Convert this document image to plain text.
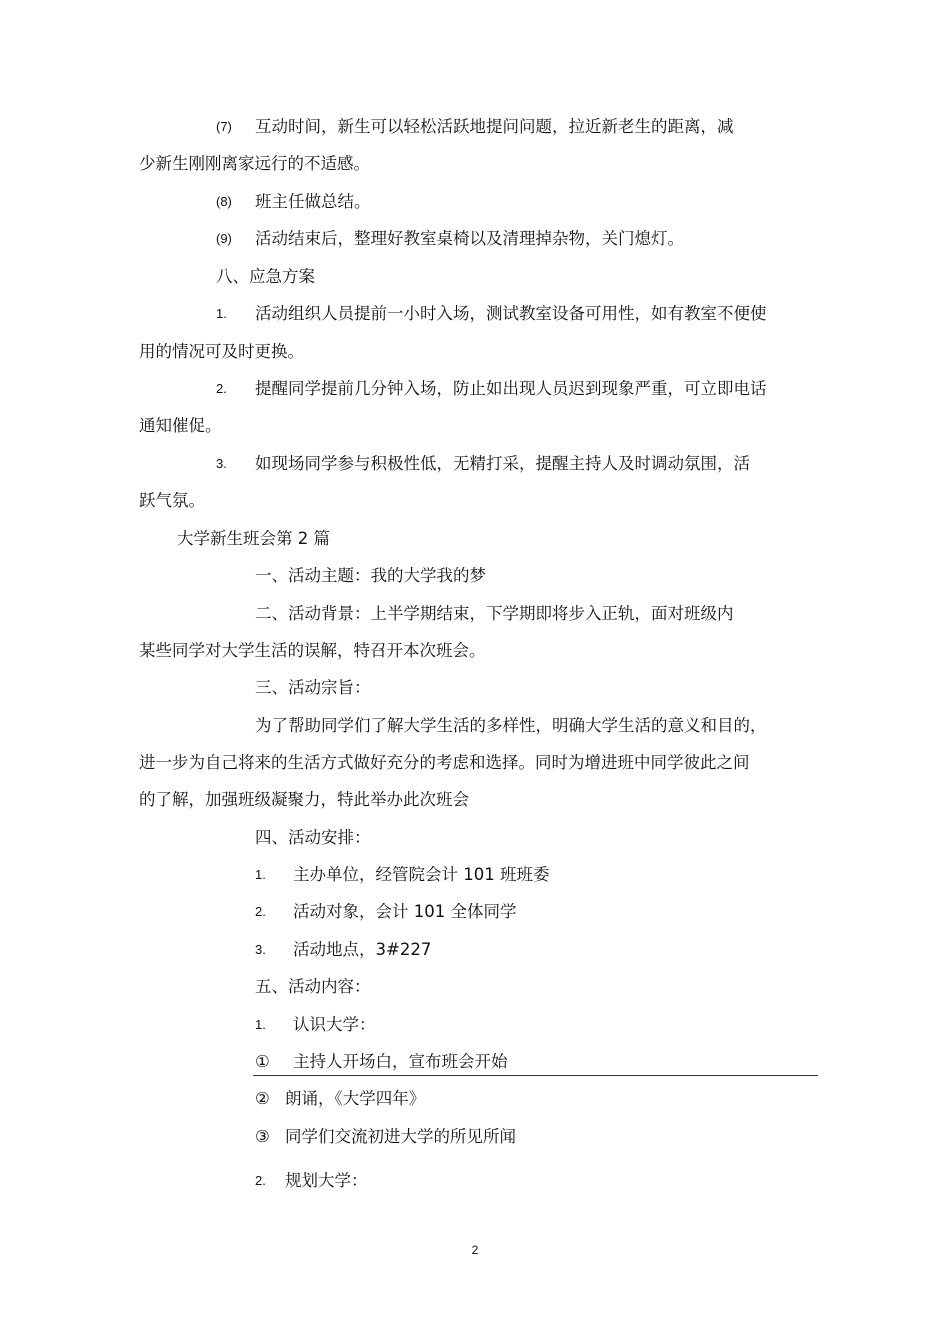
(7) 互动时间，新生可以轻松活跃地提问问题，拉近新老生的距离，减
少新生刚刚离家远行的不适感。
(8) 班主任做总结。
(9) 活动结束后，整理好教室桌椅以及清理掉杂物，关门熄灯。
八、应急方案
1. 活动组织人员提前一小时入场，测试教室设备可用性，如有教室不便使
用的情况可及时更换。
2. 提醒同学提前几分钟入场，防止如出现人员迟到现象严重，可立即电话
通知催促。
3. 如现场同学参与积极性低，无精打采，提醒主持人及时调动氛围，活
跃气氛。
大学新生班会第 2 篇
一、活动主题：我的大学我的梦
二、活动背景：上半学期结束，下学期即将步入正轨，面对班级内
某些同学对大学生活的误解，特召开本次班会。
三、活动宗旨：
为了帮助同学们了解大学生活的多样性，明确大学生活的意义和目的，
进一步为自己将来的生活方式做好充分的考虑和选择。同时为增进班中同学彼此之间
的了解，加强班级凝聚力，特此举办此次班会
四、活动安排：
1. 主办单位，经管院会计 101 班班委
2. 活动对象，会计 101 全体同学
3. 活动地点，3#227
五、活动内容：
1. 认识大学：
① 主持人开场白，宣布班会开始
② 朗诵，《大学四年》
③ 同学们交流初进大学的所见所闻
2. 规划大学：
2
